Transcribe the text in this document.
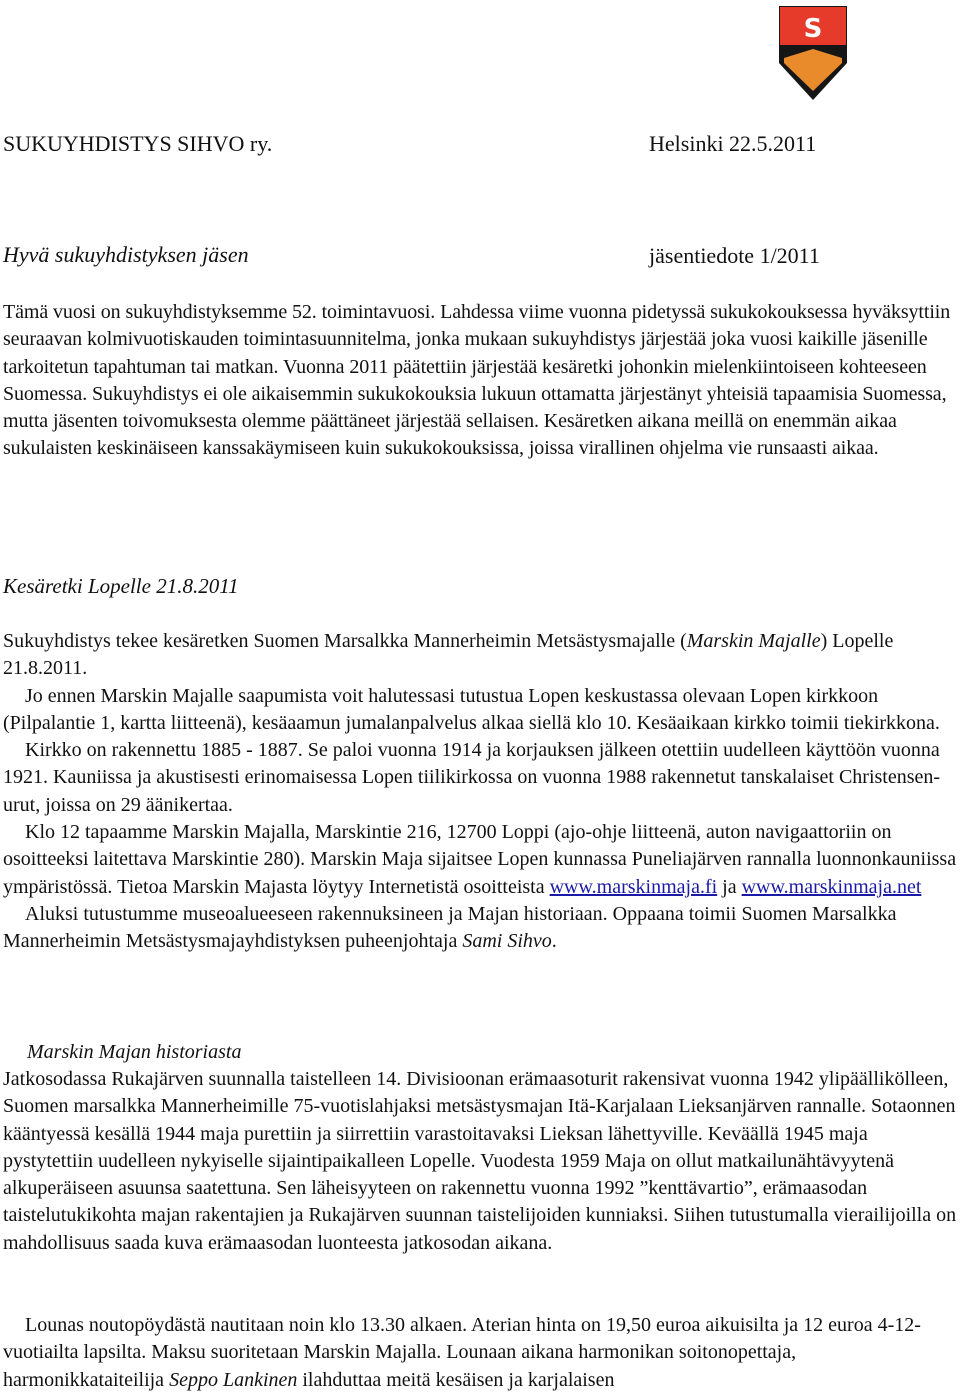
S
SUKUYHDISTYS SIHVO ry.	Helsinki 22.5.2011
Hyvä sukuyhdistyksen jäsen	jäsentiedote 1/2011

Tämä vuosi on sukuyhdistyksemme 52. toimintavuosi. Lahdessa viime vuonna pidetyssä sukukokouksessa hyväksyttiin seuraavan kolmivuotiskauden toimintasuunnitelma, jonka mukaan sukuyhdistys järjestää joka vuosi kaikille jäsenille tarkoitetun tapahtuman tai matkan. Vuonna 2011 päätettiin järjestää kesäretki johonkin mielenkiintoiseen kohteeseen Suomessa. Sukuyhdistys ei ole aikaisemmin sukukokouksia lukuun ottamatta järjestänyt yhteisiä tapaamisia Suomessa, mutta jäsenten toivomuksesta olemme päättäneet järjestää sellaisen. Kesäretken aikana meillä on enemmän aikaa sukulaisten keskinäiseen kanssakäymiseen kuin sukukokouksissa, joissa virallinen ohjelma vie runsaasti aikaa.

Kesäretki Lopelle 21.8.2011

Sukuyhdistys tekee kesäretken Suomen Marsalkka Mannerheimin Metsästysmajalle (Marskin Majalle) Lopelle 21.8.2011.

Jo ennen Marskin Majalle saapumista voit halutessasi tutustua Lopen keskustassa olevaan Lopen kirkkoon (Pilpalantie 1, kartta liitteenä), kesäaamun jumalanpalvelus alkaa siellä klo 10. Kesäaikaan kirkko toimii tiekirkkona.

Kirkko on rakennettu 1885 - 1887. Se paloi vuonna 1914 ja korjauksen jälkeen otettiin uudelleen käyttöön vuonna 1921. Kauniissa ja akustisesti erinomaisessa Lopen tiilikirkossa on vuonna 1988 rakennetut tanskalaiset Christensen-urut, joissa on 29 äänikertaa.

Klo 12 tapaamme Marskin Majalla, Marskintie 216, 12700 Loppi (ajo-ohje liitteenä, auton navigaattoriin on osoitteeksi laitettava Marskintie 280). Marskin Maja sijaitsee Lopen kunnassa Puneliajärven rannalla luonnonkauniissa ympäristössä. Tietoa Marskin Majasta löytyy Internetistä osoitteista www.marskinmaja.fi ja www.marskinmaja.net

Aluksi tutustumme museoalueeseen rakennuksineen ja Majan historiaan. Oppaana toimii Suomen Marsalkka Mannerheimin Metsästysmajayhdistyksen puheenjohtaja Sami Sihvo.

Marskin Majan historiasta

Jatkosodassa Rukajärven suunnalla taistelleen 14. Divisioonan erämaasoturit rakensivat vuonna 1942 ylipäällikölleen, Suomen marsalkka Mannerheimille 75-vuotislahjaksi metsästysmajan Itä-Karjalaan Lieksanjärven rannalle. Sotaonnen kääntyessä kesällä 1944 maja purettiin ja siirrettiin varastoitavaksi Lieksan lähettyville. Keväällä 1945 maja pystytettiin uudelleen nykyiselle sijaintipaikalleen Lopelle. Vuodesta 1959 Maja on ollut matkailunähtävyytenä alkuperäiseen asuunsa saatettuna. Sen läheisyyteen on rakennettu vuonna 1992 ”kenttävartio”, erämaasodan taistelutukikohta majan rakentajien ja Rukajärven suunnan taistelijoiden kunniaksi. Siihen tutustumalla vierailijoilla on mahdollisuus saada kuva erämaasodan luonteesta jatkosodan aikana.

Lounas noutopöydästä nautitaan noin klo 13.30 alkaen. Aterian hinta on 19,50 euroa aikuisilta ja 12 euroa 4-12-vuotiailta lapsilta. Maksu suoritetaan Marskin Majalla. Lounaan aikana harmonikan soitonopettaja, harmonikkataiteilija Seppo Lankinen ilahduttaa meitä kesäisen ja karjalaisen
